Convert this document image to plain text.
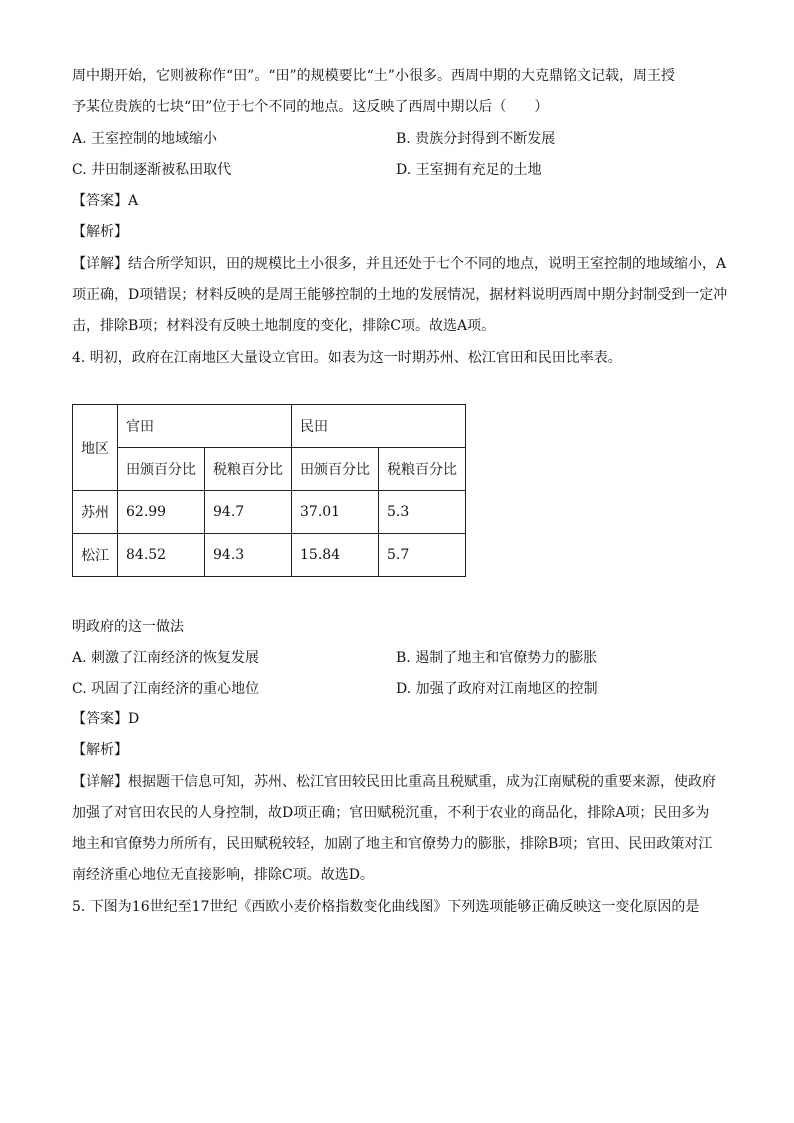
周中期开始，它则被称作“田”。“田”的规模要比“土”小很多。西周中期的大克鼎铭文记载，周王授
予某位贵族的七块“田”位于七个不同的地点。这反映了西周中期以后（　　）
A. 王室控制的地域缩小	B. 贵族分封得到不断发展
C. 井田制逐渐被私田取代	D. 王室拥有充足的土地
【答案】A
【解析】
【详解】结合所学知识，田的规模比土小很多，并且还处于七个不同的地点，说明王室控制的地域缩小，A
项正确，D项错误；材料反映的是周王能够控制的土地的发展情况，据材料说明西周中期分封制受到一定冲
击，排除B项；材料没有反映土地制度的变化，排除C项。故选A项。
4. 明初，政府在江南地区大量设立官田。如表为这一时期苏州、松江官田和民田比率表。
地区	官田		民田	
	田颁百分比	税粮百分比	田颁百分比	税粮百分比
苏州	62.99	94.7	37.01	5.3
松江	84.52	94.3	15.84	5.7
明政府的这一做法
A. 刺激了江南经济的恢复发展	B. 遏制了地主和官僚势力的膨胀
C. 巩固了江南经济的重心地位	D. 加强了政府对江南地区的控制
【答案】D
【解析】
【详解】根据题干信息可知，苏州、松江官田较民田比重高且税赋重，成为江南赋税的重要来源，使政府
加强了对官田农民的人身控制，故D项正确；官田赋税沉重，不利于农业的商品化，排除A项；民田多为
地主和官僚势力所所有，民田赋税较轻，加剧了地主和官僚势力的膨胀，排除B项；官田、民田政策对江
南经济重心地位无直接影响，排除C项。故选D。
5. 下图为16世纪至17世纪《西欧小麦价格指数变化曲线图》下列选项能够正确反映这一变化原因的是
